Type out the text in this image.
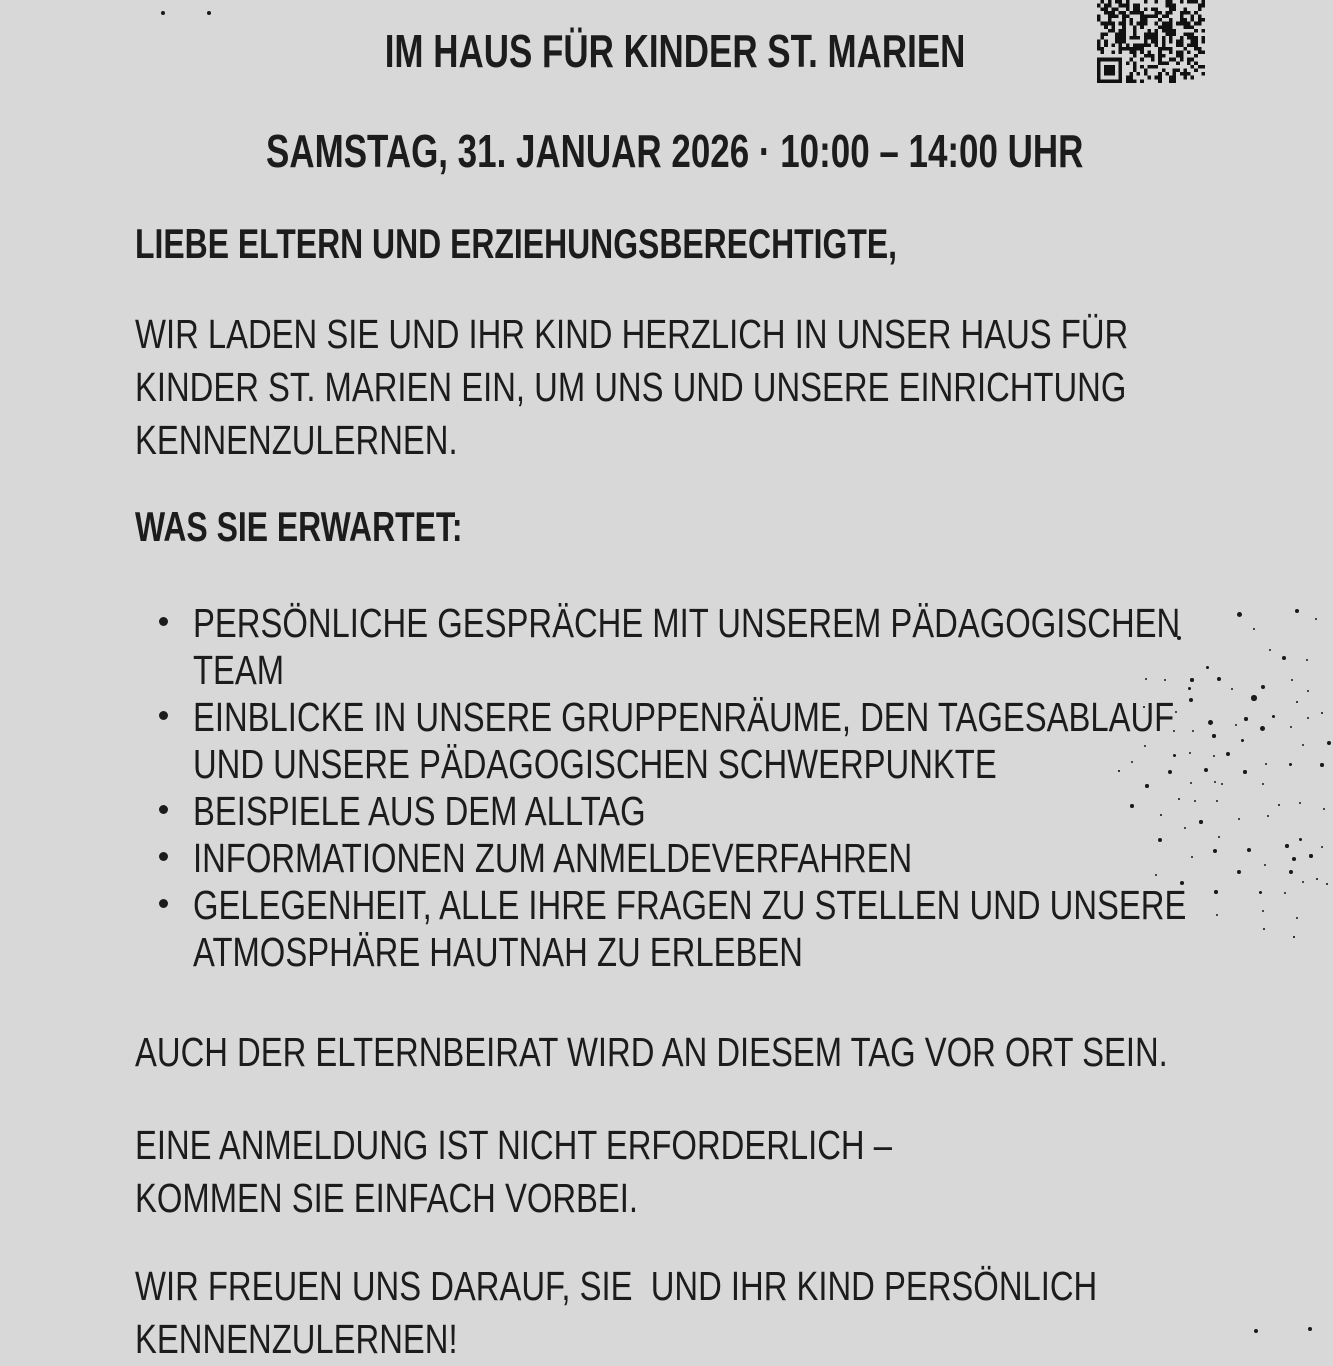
IM HAUS FÜR KINDER ST. MARIEN
SAMSTAG, 31. JANUAR 2026 · 10:00 – 14:00 UHR
LIEBE ELTERN UND ERZIEHUNGSBERECHTIGTE,
WIR LADEN SIE UND IHR KIND HERZLICH IN UNSER HAUS FÜR
KINDER ST. MARIEN EIN, UM UNS UND UNSERE EINRICHTUNG
KENNENZULERNEN.
WAS SIE ERWARTET:
PERSÖNLICHE GESPRÄCHE MIT UNSEREM PÄDAGOGISCHEN
TEAM
EINBLICKE IN UNSERE GRUPPENRÄUME, DEN TAGESABLAUF
UND UNSERE PÄDAGOGISCHEN SCHWERPUNKTE
BEISPIELE AUS DEM ALLTAG
INFORMATIONEN ZUM ANMELDEVERFAHREN
GELEGENHEIT, ALLE IHRE FRAGEN ZU STELLEN UND UNSERE
ATMOSPHÄRE HAUTNAH ZU ERLEBEN
AUCH DER ELTERNBEIRAT WIRD AN DIESEM TAG VOR ORT SEIN.
EINE ANMELDUNG IST NICHT ERFORDERLICH –
KOMMEN SIE EINFACH VORBEI.
WIR FREUEN UNS DARAUF, SIE  UND IHR KIND PERSÖNLICH
KENNENZULERNEN!
